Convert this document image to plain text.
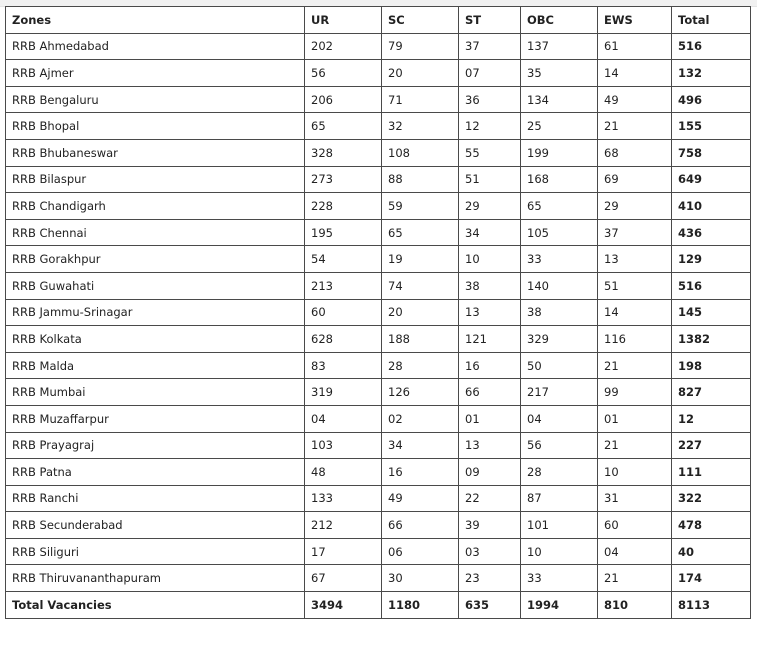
Zones	UR	SC	ST	OBC	EWS	Total
RRB Ahmedabad	202	79	37	137	61	516
RRB Ajmer	56	20	07	35	14	132
RRB Bengaluru	206	71	36	134	49	496
RRB Bhopal	65	32	12	25	21	155
RRB Bhubaneswar	328	108	55	199	68	758
RRB Bilaspur	273	88	51	168	69	649
RRB Chandigarh	228	59	29	65	29	410
RRB Chennai	195	65	34	105	37	436
RRB Gorakhpur	54	19	10	33	13	129
RRB Guwahati	213	74	38	140	51	516
RRB Jammu-Srinagar	60	20	13	38	14	145
RRB Kolkata	628	188	121	329	116	1382
RRB Malda	83	28	16	50	21	198
RRB Mumbai	319	126	66	217	99	827
RRB Muzaffarpur	04	02	01	04	01	12
RRB Prayagraj	103	34	13	56	21	227
RRB Patna	48	16	09	28	10	111
RRB Ranchi	133	49	22	87	31	322
RRB Secunderabad	212	66	39	101	60	478
RRB Siliguri	17	06	03	10	04	40
RRB Thiruvananthapuram	67	30	23	33	21	174
Total Vacancies	3494	1180	635	1994	810	8113
